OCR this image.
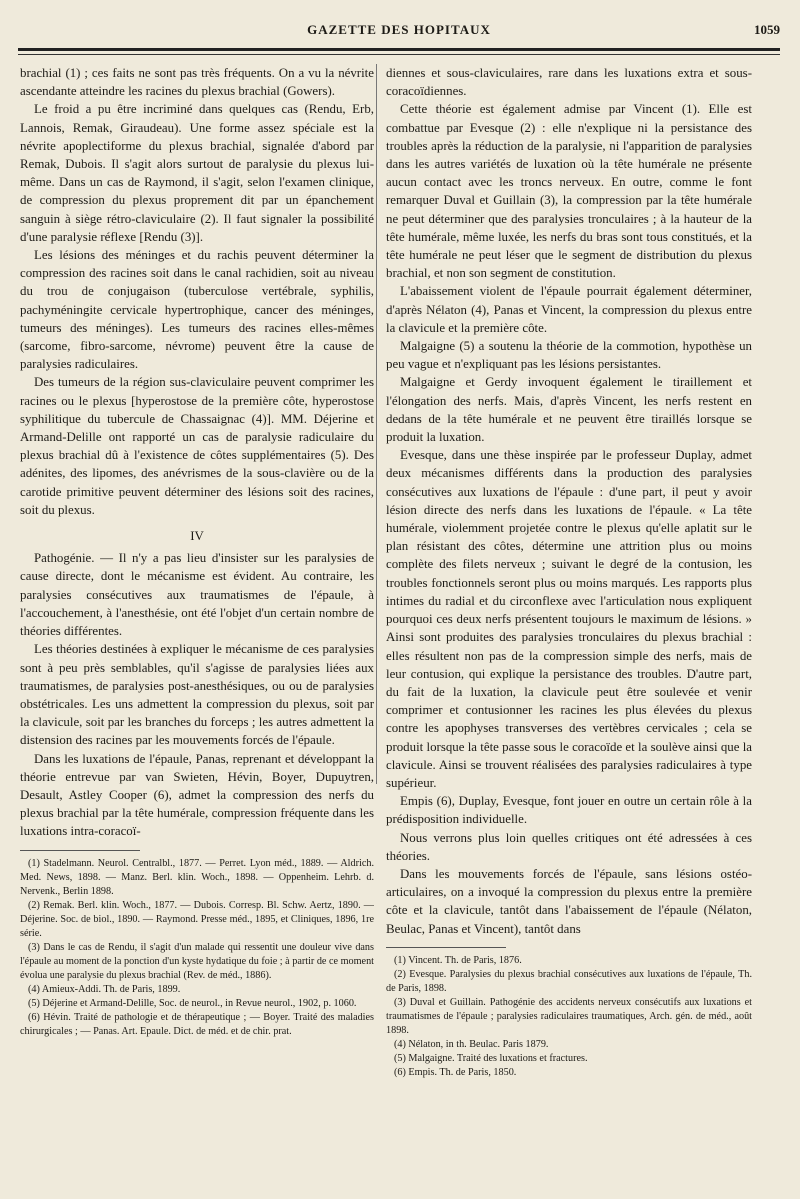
GAZETTE DES HOPITAUX	1059

brachial (1) ; ces faits ne sont pas très fréquents. On a vu la névrite ascendante atteindre les racines du plexus brachial (Gowers).

Le froid a pu être incriminé dans quelques cas (Rendu, Erb, Lannois, Remak, Giraudeau). Une forme assez spéciale est la névrite apoplectiforme du plexus brachial, signalée d'abord par Remak, Dubois. Il s'agit alors surtout de paralysie du plexus lui-même. Dans un cas de Raymond, il s'agit, selon l'examen clinique, de compression du plexus proprement dit par un épanchement sanguin à siège rétro-claviculaire (2). Il faut signaler la possibilité d'une paralysie réflexe [Rendu (3)].

Les lésions des méninges et du rachis peuvent déterminer la compression des racines soit dans le canal rachidien, soit au niveau du trou de conjugaison (tuberculose vertébrale, syphilis, pachyméningite cervicale hypertrophique, cancer des méninges, tumeurs des méninges). Les tumeurs des racines elles-mêmes (sarcome, fibro-sarcome, névrome) peuvent être la cause de paralysies radiculaires.

Des tumeurs de la région sus-claviculaire peuvent comprimer les racines ou le plexus [hyperostose de la première côte, hyperostose syphilitique du tubercule de Chassaignac (4)]. MM. Déjerine et Armand-Delille ont rapporté un cas de paralysie radiculaire du plexus brachial dû à l'existence de côtes supplémentaires (5). Des adénites, des lipomes, des anévrismes de la sous-clavière ou de la carotide primitive peuvent déterminer des lésions soit des racines, soit du plexus.

IV

Pathogénie. — Il n'y a pas lieu d'insister sur les paralysies de cause directe, dont le mécanisme est évident. Au contraire, les paralysies consécutives aux traumatismes de l'épaule, à l'accouchement, à l'anesthésie, ont été l'objet d'un certain nombre de théories différentes.

Les théories destinées à expliquer le mécanisme de ces paralysies sont à peu près semblables, qu'il s'agisse de paralysies liées aux traumatismes, de paralysies post-anesthésiques, ou ou de paralysies obstétricales. Les uns admettent la compression du plexus, soit par la clavicule, soit par les branches du forceps ; les autres admettent la distension des racines par les mouvements forcés de l'épaule.

Dans les luxations de l'épaule, Panas, reprenant et développant la théorie entrevue par van Swieten, Hévin, Boyer, Dupuytren, Desault, Astley Cooper (6), admet la compression des nerfs du plexus brachial par la tête humérale, compression fréquente dans les luxations intra-coracoï-

(1) Stadelmann. Neurol. Centralbl., 1877. — Perret. Lyon méd., 1889. — Aldrich. Med. News, 1898. — Manz. Berl. klin. Woch., 1898. — Oppenheim. Lehrb. d. Nervenk., Berlin 1898.

(2) Remak. Berl. klin. Woch., 1877. — Dubois. Corresp. Bl. Schw. Aertz, 1890. — Déjerine. Soc. de biol., 1890. — Raymond. Presse méd., 1895, et Cliniques, 1896, 1re série.

(3) Dans le cas de Rendu, il s'agit d'un malade qui ressentit une douleur vive dans l'épaule au moment de la ponction d'un kyste hydatique du foie ; à partir de ce moment évolua une paralysie du plexus brachial (Rev. de méd., 1886).

(4) Amieux-Addi. Th. de Paris, 1899.

(5) Déjerine et Armand-Delille, Soc. de neurol., in Revue neurol., 1902, p. 1060.

(6) Hévin. Traité de pathologie et de thérapeutique ; — Boyer. Traité des maladies chirurgicales ; — Panas. Art. Epaule. Dict. de méd. et de chir. prat.

diennes et sous-claviculaires, rare dans les luxations extra et sous-coracoïdiennes.

Cette théorie est également admise par Vincent (1). Elle est combattue par Evesque (2) : elle n'explique ni la persistance des troubles après la réduction de la paralysie, ni l'apparition de paralysies dans les autres variétés de luxation où la tête humérale ne présente aucun contact avec les troncs nerveux. En outre, comme le font remarquer Duval et Guillain (3), la compression par la tête humérale ne peut déterminer que des paralysies tronculaires ; à la hauteur de la tête humérale, même luxée, les nerfs du bras sont tous constitués, et la tête humérale ne peut léser que le segment de distribution du plexus brachial, et non son segment de constitution.

L'abaissement violent de l'épaule pourrait également déterminer, d'après Nélaton (4), Panas et Vincent, la compression du plexus entre la clavicule et la première côte.

Malgaigne (5) a soutenu la théorie de la commotion, hypothèse un peu vague et n'expliquant pas les lésions persistantes.

Malgaigne et Gerdy invoquent également le tiraillement et l'élongation des nerfs. Mais, d'après Vincent, les nerfs restent en dedans de la tête humérale et ne peuvent être tiraillés lorsque se produit la luxation.

Evesque, dans une thèse inspirée par le professeur Duplay, admet deux mécanismes différents dans la production des paralysies consécutives aux luxations de l'épaule : d'une part, il peut y avoir lésion directe des nerfs dans les luxations de l'épaule. « La tête humérale, violemment projetée contre le plexus qu'elle aplatit sur le plan résistant des côtes, détermine une attrition plus ou moins complète des filets nerveux ; suivant le degré de la contusion, les troubles fonctionnels seront plus ou moins marqués. Les rapports plus intimes du radial et du circonflexe avec l'articulation nous expliquent pourquoi ces deux nerfs présentent toujours le maximum de lésions. » Ainsi sont produites des paralysies tronculaires du plexus brachial : elles résultent non pas de la compression simple des nerfs, mais de leur contusion, qui explique la persistance des troubles. D'autre part, du fait de la luxation, la clavicule peut être soulevée et venir comprimer et contusionner les racines les plus élevées du plexus contre les apophyses transverses des vertèbres cervicales ; cela se produit lorsque la tête passe sous le coracoïde et la soulève ainsi que la clavicule. Ainsi se trouvent réalisées des paralysies radiculaires à type supérieur.

Empis (6), Duplay, Evesque, font jouer en outre un certain rôle à la prédisposition individuelle.

Nous verrons plus loin quelles critiques ont été adressées à ces théories.

Dans les mouvements forcés de l'épaule, sans lésions ostéo-articulaires, on a invoqué la compression du plexus entre la première côte et la clavicule, tantôt dans l'abaissement de l'épaule (Nélaton, Beulac, Panas et Vincent), tantôt dans

(1) Vincent. Th. de Paris, 1876.

(2) Evesque. Paralysies du plexus brachial consécutives aux luxations de l'épaule, Th. de Paris, 1898.

(3) Duval et Guillain. Pathogénie des accidents nerveux consécutifs aux luxations et traumatismes de l'épaule ; paralysies radiculaires traumatiques, Arch. gén. de méd., août 1898.

(4) Nélaton, in th. Beulac. Paris 1879.

(5) Malgaigne. Traité des luxations et fractures.

(6) Empis. Th. de Paris, 1850.
